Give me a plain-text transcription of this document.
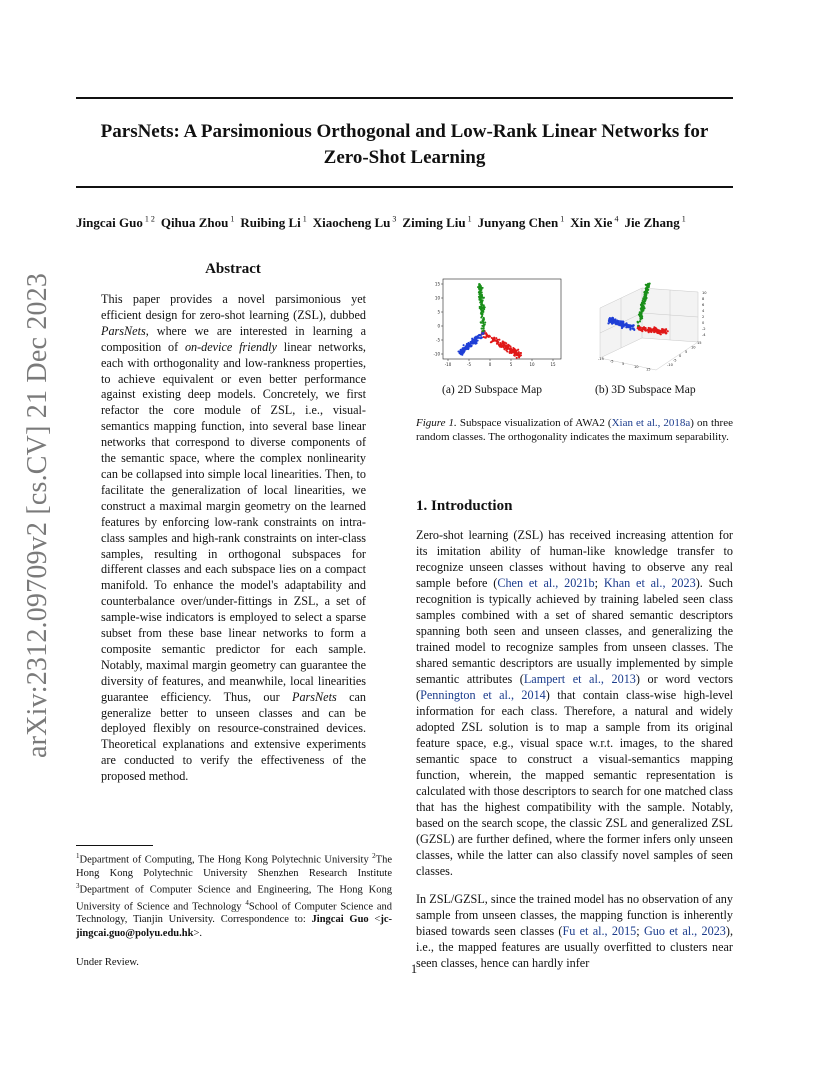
ParsNets: A Parsimonious Orthogonal and Low-Rank Linear Networks for Zero-Shot Learning
Jingcai Guo $^{1 2}$ Qihua Zhou $^1$ Ruibing Li $^1$ Xiaocheng Lu $^3$ Ziming Liu $^1$ Junyang Chen $^1$ Xin Xie $^4$ Jie Zhang $^1$
arXiv:2312.09709v2 [cs.CV] 21 Dec 2023
Abstract
This paper provides a novel parsimonious yet efficient design for zero-shot learning (ZSL), dubbed ParsNets, where we are interested in learning a composition of on-device friendly linear networks, each with orthogonality and low-rankness properties, to achieve equivalent or even better performance against existing deep models. Concretely, we first refactor the core module of ZSL, i.e., visual-semantics mapping function, into several base linear networks that correspond to diverse components of the semantic space, where the complex nonlinearity can be collapsed into simple local linearities. Then, to facilitate the generalization of local linearities, we construct a maximal margin geometry on the learned features by enforcing low-rank constraints on intra-class samples and high-rank constraints on inter-class samples, resulting in orthogonal subspaces for different classes and each subspace lies on a compact manifold. To enhance the model's adaptability and counterbalance over/under-fittings in ZSL, a set of sample-wise indicators is employed to select a sparse subset from these base linear networks to form a composite semantic predictor for each sample. Notably, maximal margin geometry can guarantee the diversity of features, and meanwhile, local linearities guarantee efficiency. Thus, our ParsNets can generalize better to unseen classes and can be deployed flexibly on resource-constrained devices. Theoretical explanations and extensive experiments are conducted to verify the effectiveness of the proposed method.
$^1$Department of Computing, The Hong Kong Polytechnic University $^2$The Hong Kong Polytechnic University Shenzhen Research Institute $^3$Department of Computer Science and Engineering, The Hong Kong University of Science and Technology $^4$School of Computer Science and Technology, Tianjin University. Correspondence to: Jingcai Guo <jc-jingcai.guo@polyu.edu.hk>.
Under Review.	1
15
10
5
0
-5
-10
-10	-5	0	5	10	15
10
8
6
4
2
0
-2
-4
-15
-5
5
10
15
15
10
5
0
-5
-10
(a) 2D Subspace Map	(b) 3D Subspace Map
Figure 1. Subspace visualization of AWA2 (Xian et al., 2018a) on three random classes. The orthogonality indicates the maximum separability.
1. Introduction
Zero-shot learning (ZSL) has received increasing attention for its imitation ability of human-like knowledge transfer to recognize unseen classes without having to observe any real sample before (Chen et al., 2021b; Khan et al., 2023). Such recognition is typically achieved by training labeled seen class samples combined with a set of shared semantic descriptors spanning both seen and unseen classes, and generalizing the trained model to recognize samples from unseen classes. The shared semantic descriptors are usually implemented by simple semantic attributes (Lampert et al., 2013) or word vectors (Pennington et al., 2014) that contain class-wise high-level information for each class. Therefore, a natural and widely adopted ZSL solution is to map a sample from its original feature space, e.g., visual space w.r.t. images, to the shared semantic space to construct a visual-semantics mapping function, wherein, the mapped semantic representation is calculated with those descriptors to search for one matched class that has the highest compatibility with the sample. Notably, based on the search scope, the classic ZSL and generalized ZSL (GZSL) are further defined, where the former infers only unseen classes, while the latter can also classify novel samples of seen classes.
In ZSL/GZSL, since the trained model has no observation of any sample from unseen classes, the mapping function is inherently biased towards seen classes (Fu et al., 2015; Guo et al., 2023), i.e., the mapped features are usually overfitted to clusters near seen classes, hence can hardly infer
